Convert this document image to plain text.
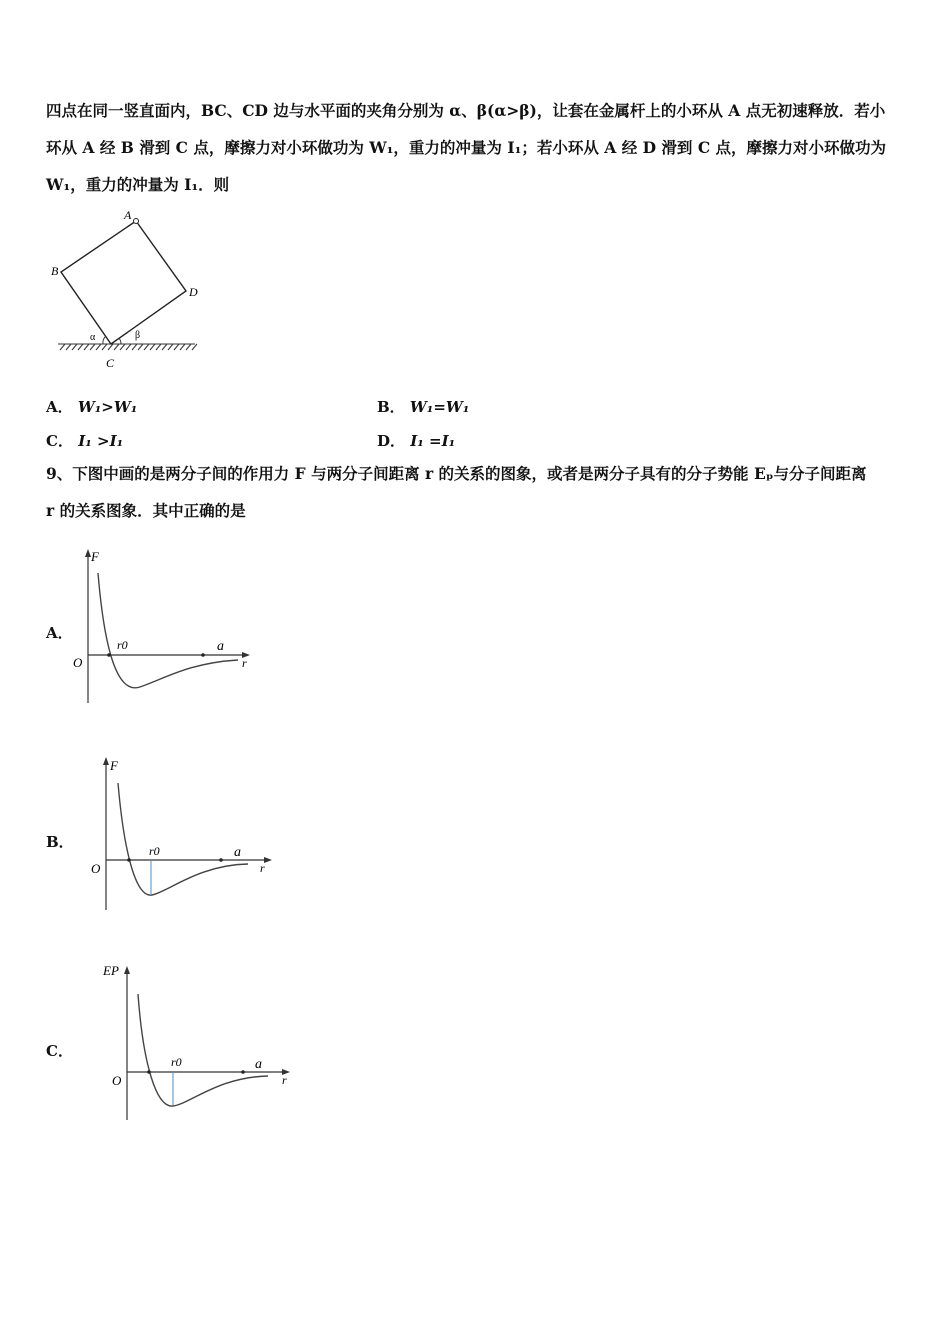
四点在同一竖直面内，BC、CD 边与水平面的夹角分别为 α、β(α>β)，让套在金属杆上的小环从 A 点无初速释放．若小
环从 A 经 B 滑到 C 点，摩擦力对小环做功为 W₁，重力的冲量为 I₁；若小环从 A 经 D 滑到 C 点，摩擦力对小环做功为
W₁，重力的冲量为 I₁．则
A
B
D
C
α	β
A． W₁>W₁	B． W₁=W₁
C． I₁ >I₁	D． I₁ =I₁
9、下图中画的是两分子间的作用力 F 与两分子间距离 r 的关系的图象，或者是两分子具有的分子势能 Eₚ与分子间距离
r 的关系图象．其中正确的是
A．
F
O
r0	a
r
B．
F
O
r0	a
r
C．
EP
O
r0	a
r
